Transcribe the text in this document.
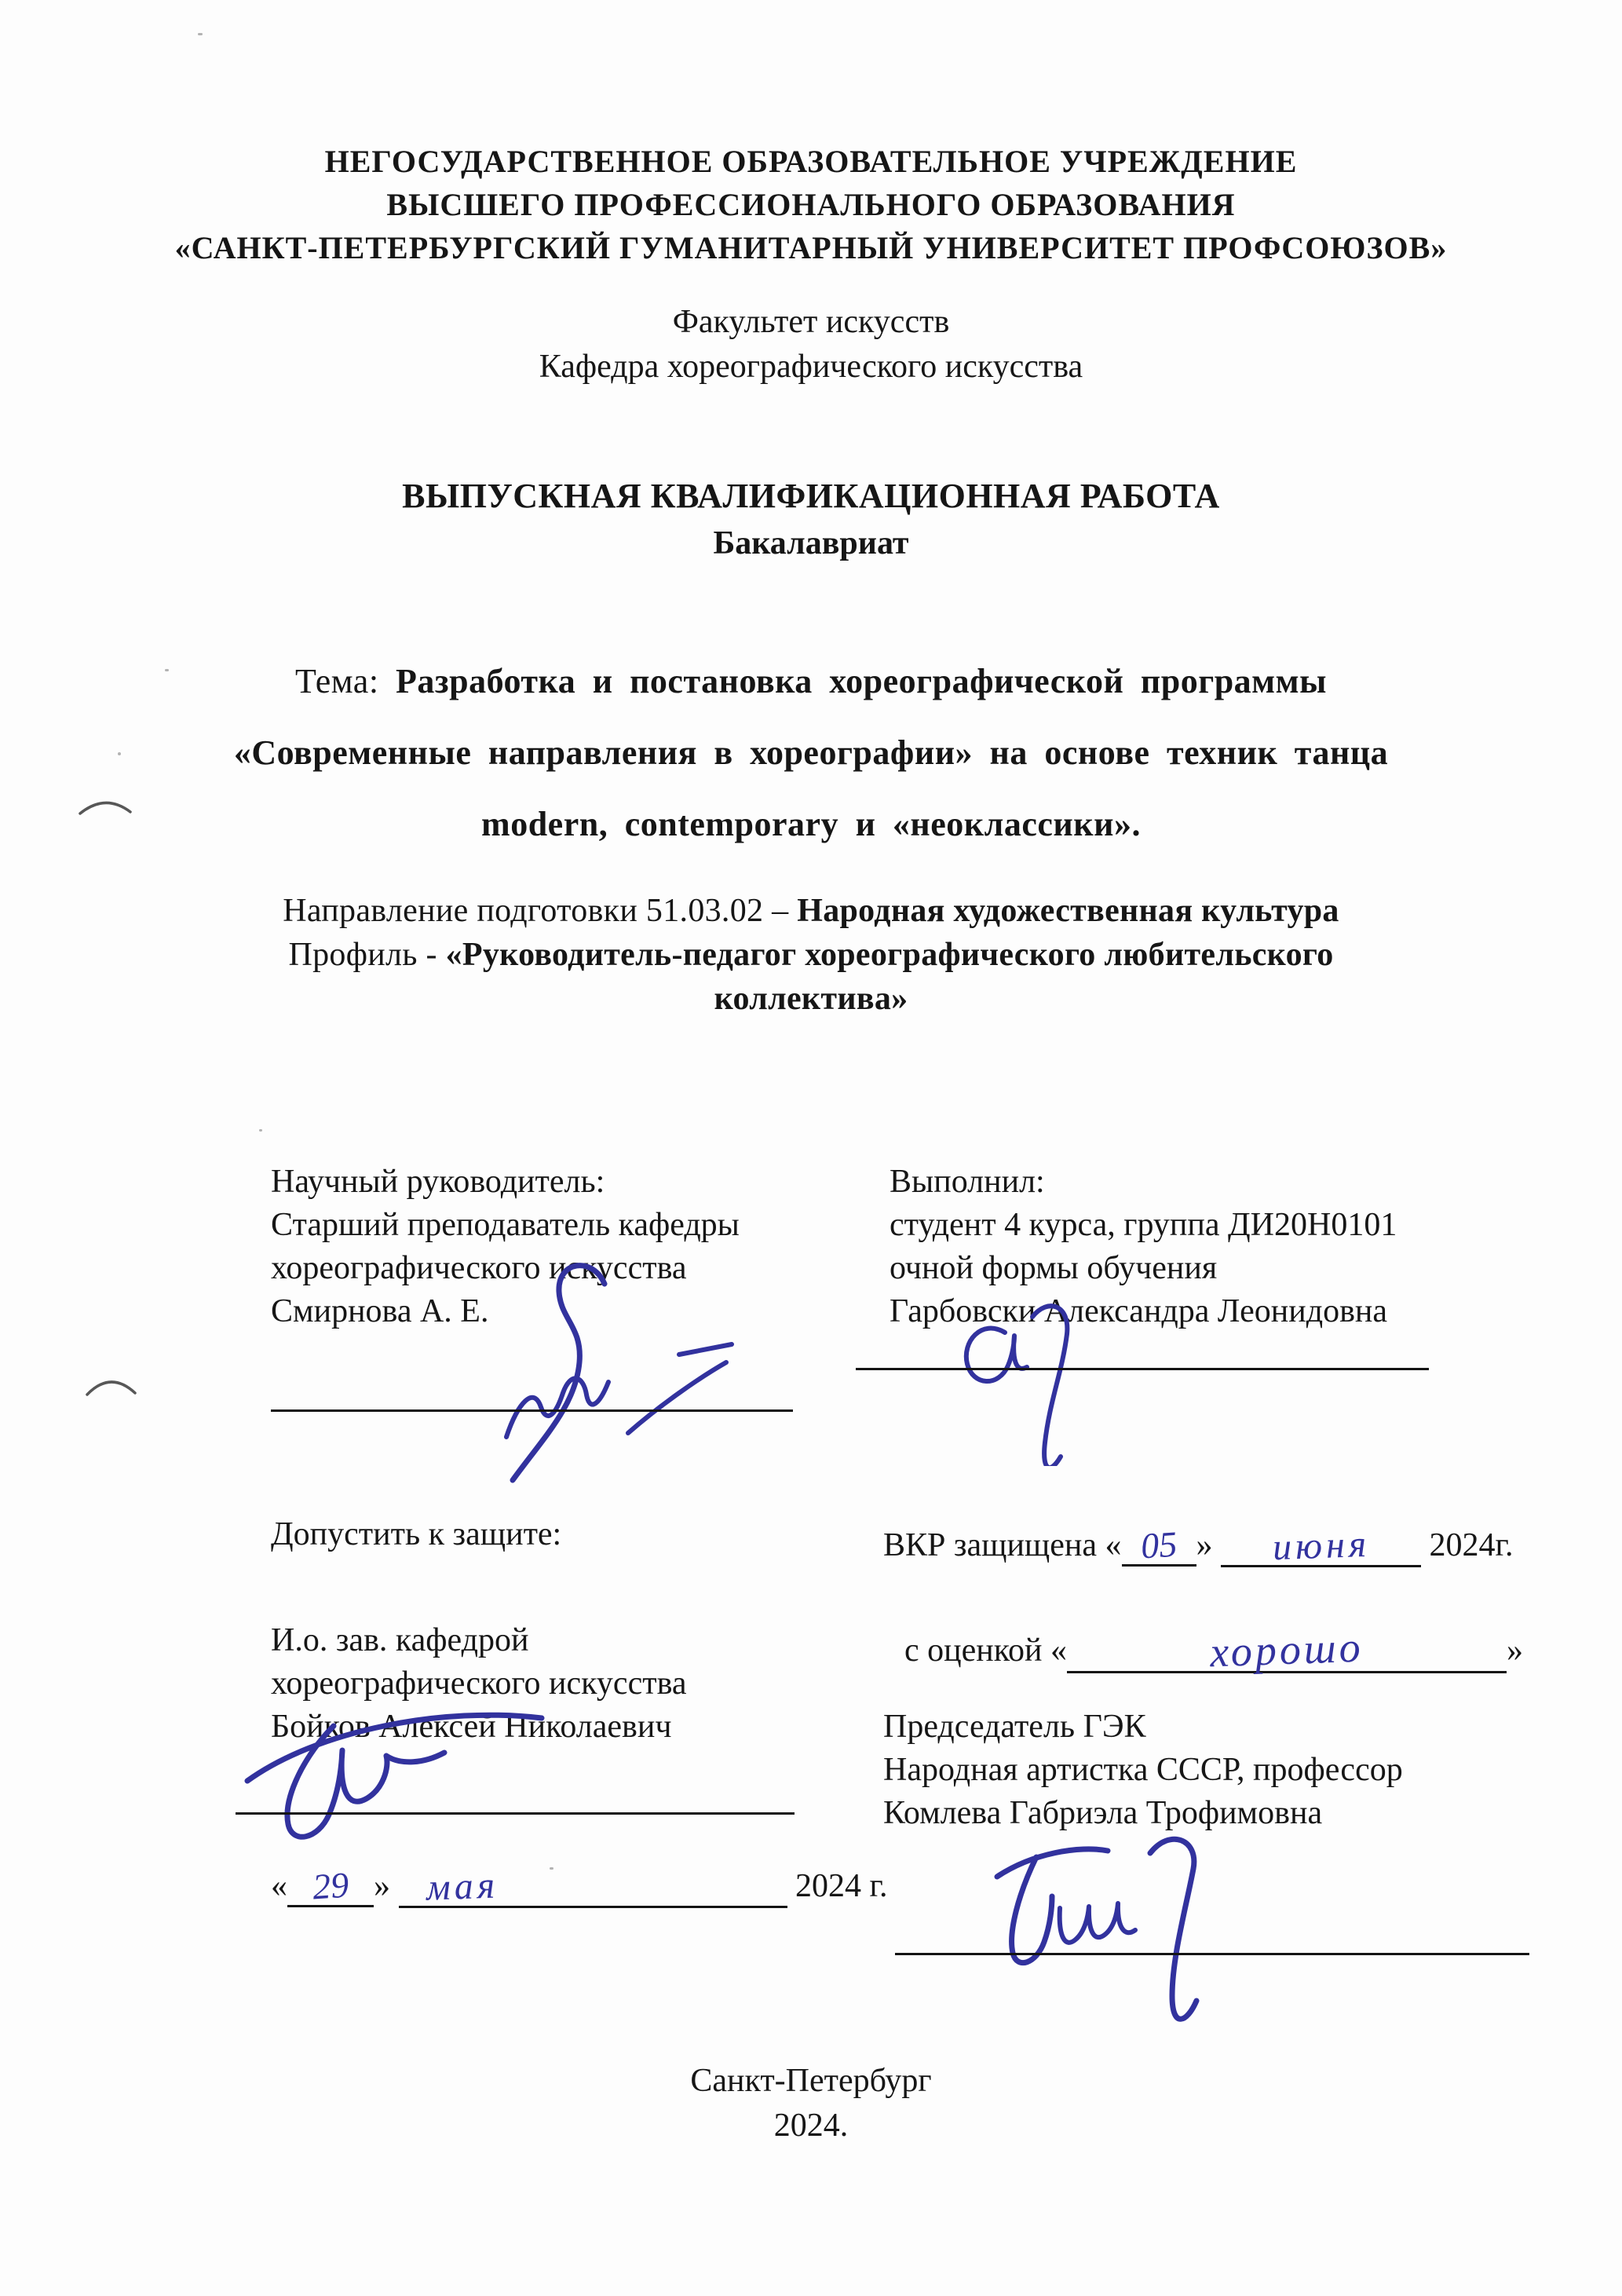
НЕГОСУДАРСТВЕННОЕ ОБРАЗОВАТЕЛЬНОЕ УЧРЕЖДЕНИЕ
ВЫСШЕГО ПРОФЕССИОНАЛЬНОГО ОБРАЗОВАНИЯ
«САНКТ-ПЕТЕРБУРГСКИЙ ГУМАНИТАРНЫЙ УНИВЕРСИТЕТ ПРОФСОЮЗОВ»
Факультет искусств
Кафедра хореографического искусства
ВЫПУСКНАЯ КВАЛИФИКАЦИОННАЯ РАБОТА
Бакалавриат
Тема: Разработка и постановка хореографической программы
«Современные направления в хореографии» на основе техник танца
modern, contemporary и «неоклассики».
Направление подготовки 51.03.02 – Народная художественная культура
Профиль - «Руководитель-педагог хореографического любительского
коллектива»
Научный руководитель:
Старший преподаватель кафедры
хореографического искусства
Смирнова А. Е.
Выполнил:
студент 4 курса, группа ДИ20Н0101
очной формы обучения
Гарбовски Александра Леонидовна
Допустить к защите:	ВКР защищена « 05 » июня 2024г.
И.о. зав. кафедрой
хореографического искусства
Бойков Алексей Николаевич
с оценкой «	хорошо	»
Председатель ГЭК
Народная артистка СССР, профессор
Комлева Габриэла Трофимовна
« 29 » мая	2024 г.
Санкт-Петербург
2024.
